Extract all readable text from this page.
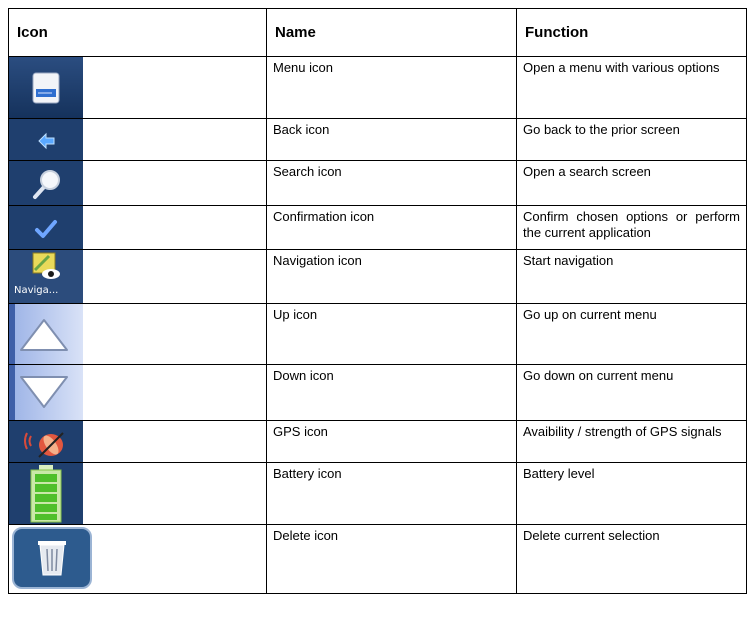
Icon	Name	Function

	Menu icon	Open a menu with various options

	Back icon	Go back to the prior screen

	Search icon	Open a search screen

	Confirmation icon	Confirm chosen options or perform the current application

Naviga...	Navigation icon	Start navigation

	Up icon	Go up on current menu

	Down icon	Go down on current menu

	GPS icon	Avaibility / strength of GPS signals

	Battery icon	Battery level

	Delete icon	Delete current selection
